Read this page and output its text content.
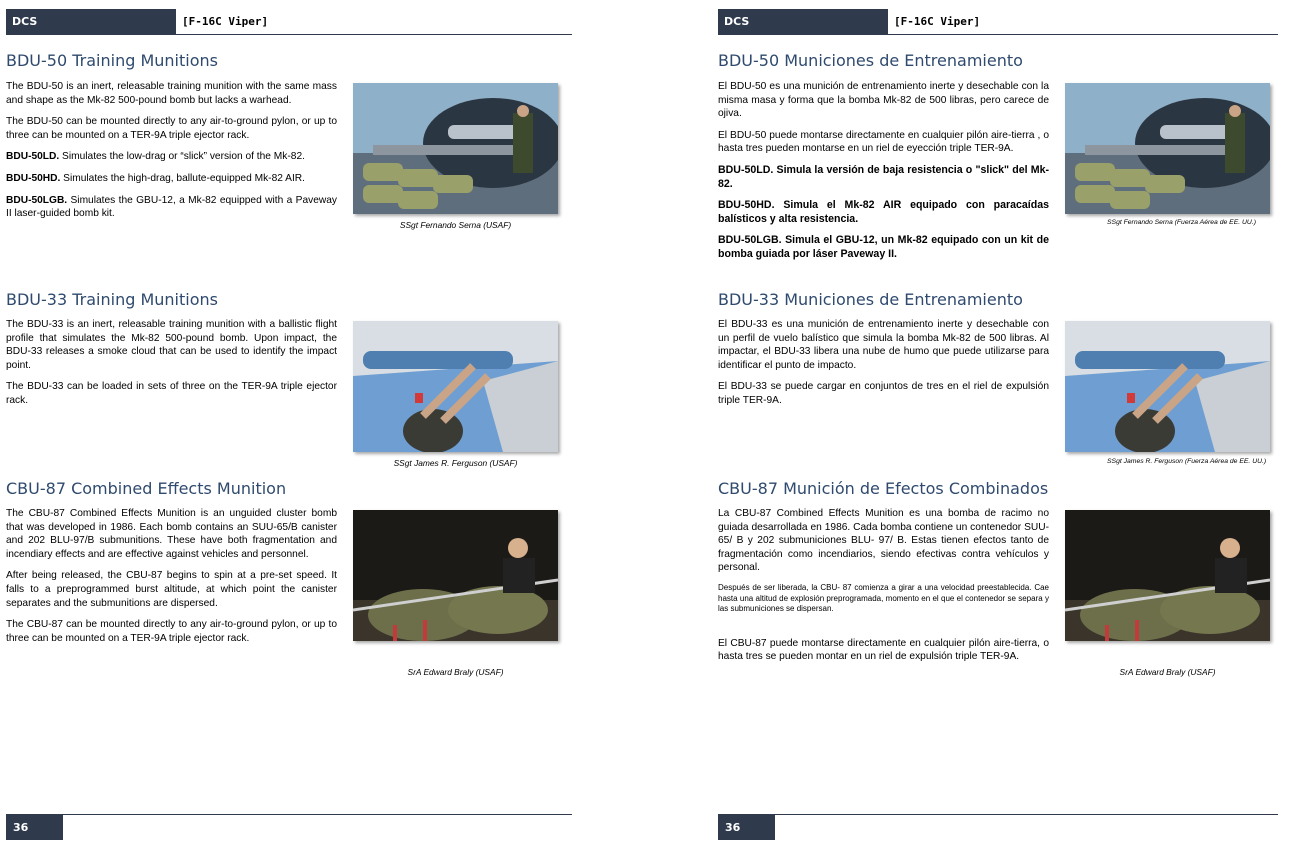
DCS	[F-16C Viper]
BDU-50 Training Munitions

The BDU-50 is an inert, releasable training munition with the same mass and shape as the Mk-82 500-pound bomb but lacks a warhead.

The BDU-50 can be mounted directly to any air-to-ground pylon, or up to three can be mounted on a TER-9A triple ejector rack.

BDU-50LD. Simulates the low-drag or “slick” version of the Mk-82.

BDU-50HD. Simulates the high-drag, ballute-equipped Mk-82 AIR.

BDU-50LGB. Simulates the GBU-12, a Mk-82 equipped with a Paveway II laser-guided bomb kit.

SSgt Fernando Serna (USAF)
BDU-33 Training Munitions

The BDU-33 is an inert, releasable training munition with a ballistic flight profile that simulates the Mk-82 500-pound bomb. Upon impact, the BDU-33 releases a smoke cloud that can be used to identify the impact point.

The BDU-33 can be loaded in sets of three on the TER-9A triple ejector rack.

SSgt James R. Ferguson (USAF)
CBU-87 Combined Effects Munition

The CBU-87 Combined Effects Munition is an unguided cluster bomb that was developed in 1986. Each bomb contains an SUU-65/B canister and 202 BLU-97/B submunitions. These have both fragmentation and incendiary effects and are effective against vehicles and personnel.

After being released, the CBU-87 begins to spin at a pre-set speed. It falls to a preprogrammed burst altitude, at which point the canister separates and the submunitions are dispersed.

The CBU-87 can be mounted directly to any air-to-ground pylon, or up to three can be mounted on a TER-9A triple ejector rack.

SrA Edward Braly (USAF)
36
DCS	[F-16C Viper]
BDU-50 Municiones de Entrenamiento

El BDU-50 es una munición de entrenamiento inerte y desechable con la misma masa y forma que la bomba Mk-82 de 500 libras, pero carece de ojiva.

El BDU-50 puede montarse directamente en cualquier pilón aire-tierra , o hasta tres pueden montarse en un riel de eyección triple TER-9A.

BDU-50LD. Simula la versión de baja resistencia o "slick" del Mk-82.

BDU-50HD. Simula el Mk-82 AIR equipado con paracaídas balísticos y alta resistencia.

BDU-50LGB. Simula el GBU-12, un Mk-82 equipado con un kit de bomba guiada por láser Paveway II.

SSgt Fernando Serna (Fuerza Aérea de EE. UU.)
BDU-33 Municiones de Entrenamiento

El BDU-33 es una munición de entrenamiento inerte y desechable con un perfil de vuelo balístico que simula la bomba Mk-82 de 500 libras. Al impactar, el BDU-33 libera una nube de humo que puede utilizarse para identificar el punto de impacto.

El BDU-33 se puede cargar en conjuntos de tres en el riel de expulsión triple TER-9A.

SSgt James R. Ferguson (Fuerza Aérea de EE. UU.)
CBU-87 Munición de Efectos Combinados

La CBU-87 Combined Effects Munition es una bomba de racimo no guiada desarrollada en 1986. Cada bomba contiene un contenedor SUU- 65/ B y 202 submuniciones BLU- 97/ B. Estas tienen efectos tanto de fragmentación como incendiarios, siendo efectivas contra vehículos y personal.

Después de ser liberada, la CBU- 87 comienza a girar a una velocidad preestablecida. Cae hasta una altitud de explosión preprogramada, momento en el que el contenedor se separa y las submuniciones se dispersan.

El CBU-87 puede montarse directamente en cualquier pilón aire-tierra, o hasta tres se pueden montar en un riel de expulsión triple TER-9A.

SrA Edward Braly (USAF)
36
